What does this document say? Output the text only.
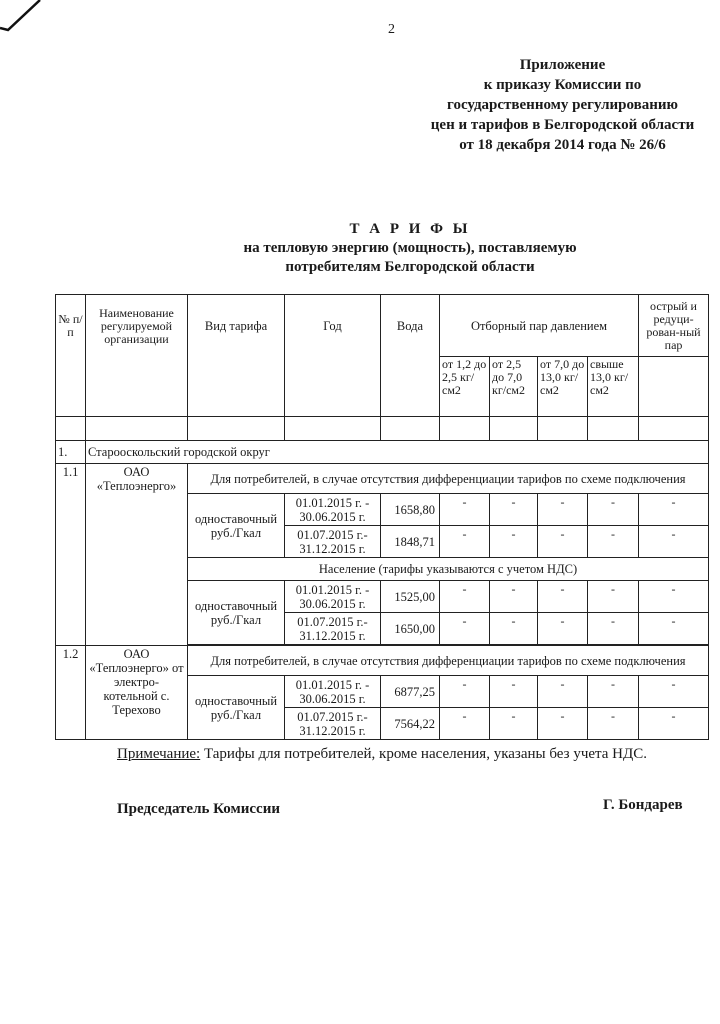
2
Приложение
к приказу Комиссии по
государственному регулированию
цен и тарифов в Белгородской области
от 18 декабря 2014 года № 26/6
Т А Р И Ф Ы
на тепловую энергию (мощность), поставляемую
потребителям Белгородской области
№ п/п	Наименование регулируемой организации	Вид тарифа	Год	Вода	Отборный пар давлением				острый и редуци-рован-ный пар
					от 1,2 до 2,5 кг/см2	от 2,5 до 7,0 кг/см2	от 7,0 до 13,0 кг/см2	свыше 13,0 кг/см2	

1.	Старооскольский городской округ								
1.1	ОАО «Теплоэнерго»	Для потребителей, в случае отсутствия дифференциации тарифов по схеме подключения							
		одноставочный руб./Гкал	01.01.2015 г. - 30.06.2015 г.	1658,80	-	-	-	-	-
			01.07.2015 г.- 31.12.2015 г.	1848,71	-	-	-	-	-
		Население (тарифы указываются с учетом НДС)							
		одноставочный руб./Гкал	01.01.2015 г. - 30.06.2015 г.	1525,00	-	-	-	-	-
			01.07.2015 г.- 31.12.2015 г.	1650,00	-	-	-	-	-

1.2	ОАО «Теплоэнерго» от электро-котельной с. Терехово	Для потребителей, в случае отсутствия дифференциации тарифов по схеме подключения							
		одноставочный руб./Гкал	01.01.2015 г. - 30.06.2015 г.	6877,25	-	-	-	-	-
			01.07.2015 г.- 31.12.2015 г.	7564,22	-	-	-	-	-
Примечание: Тарифы для потребителей, кроме населения, указаны без учета НДС.
Председатель Комиссии	Г. Бондарев
